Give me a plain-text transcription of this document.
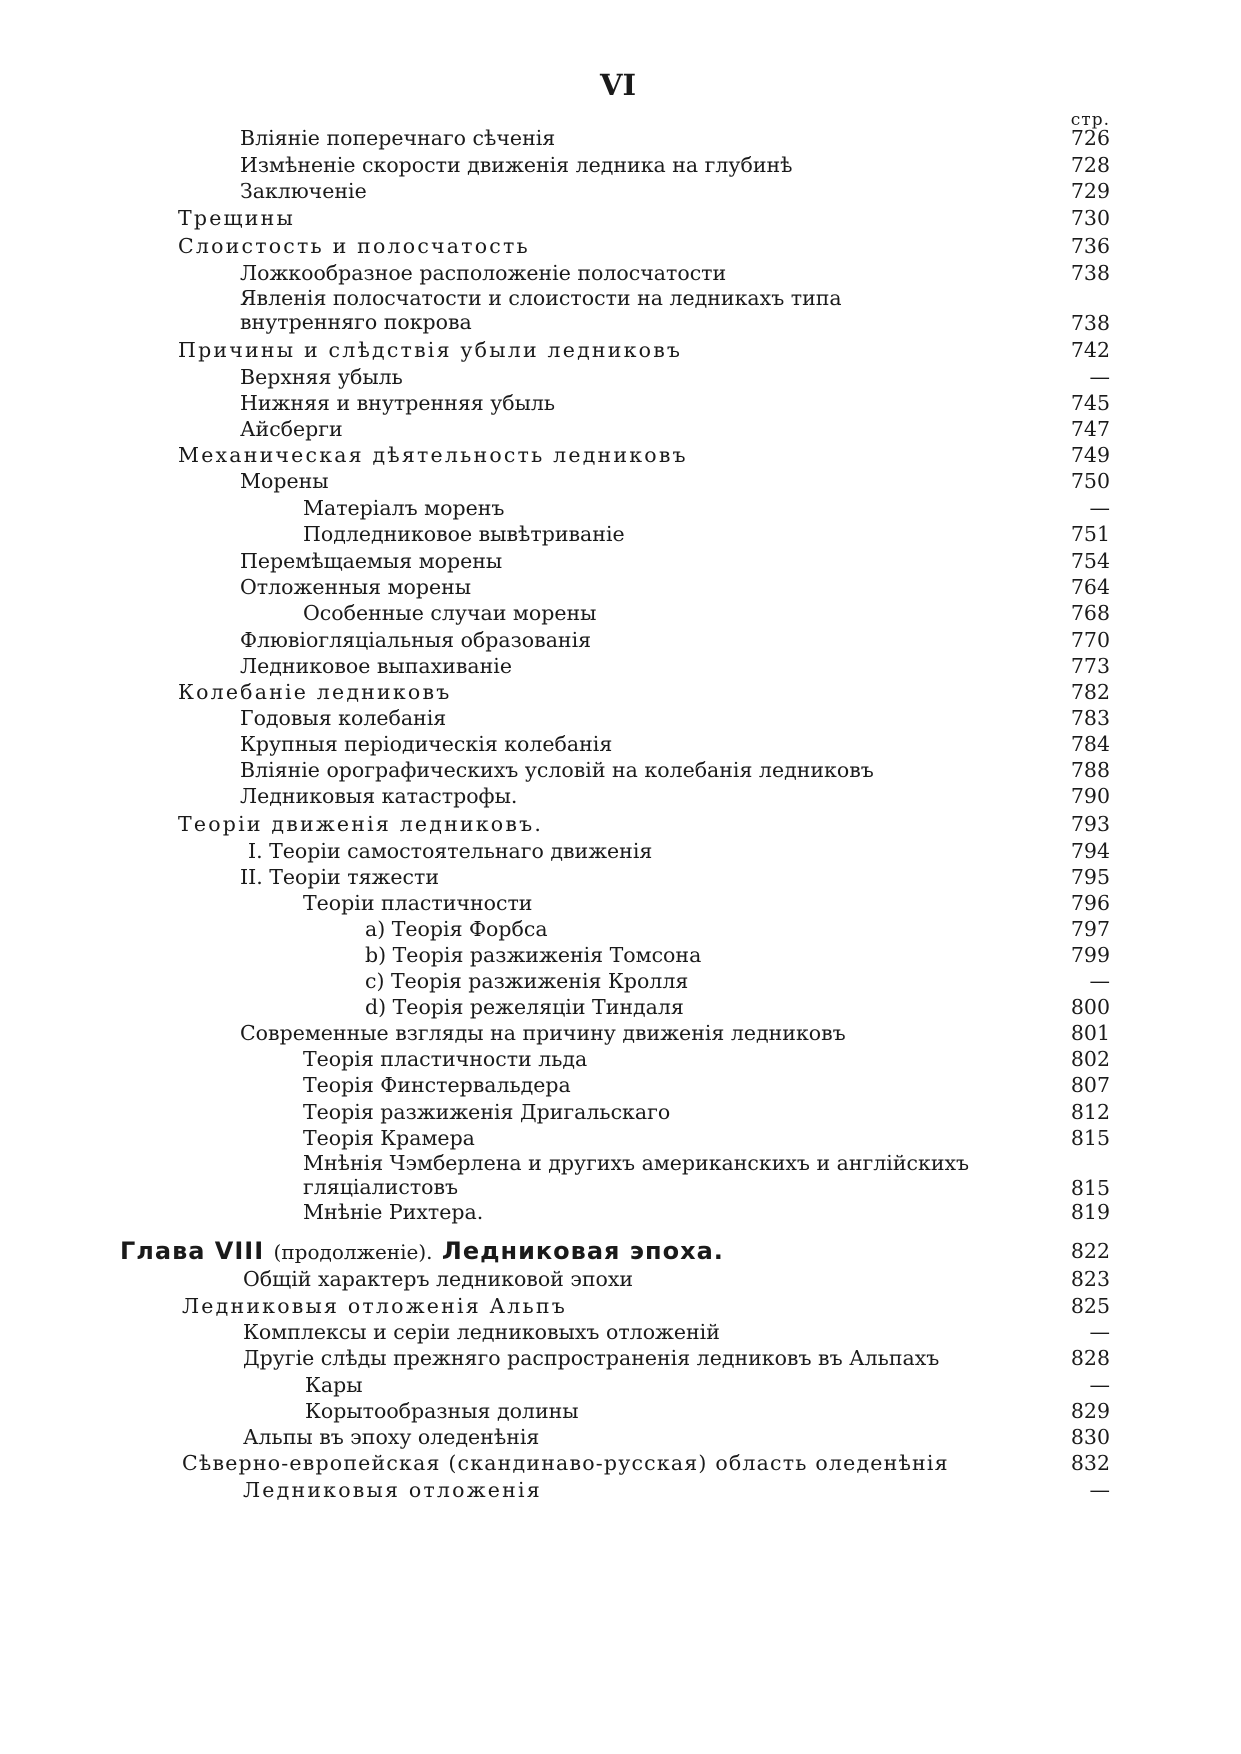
VI
стр.
Вліяніе поперечнаго сѣченія	726
Измѣненіе скорости движенія ледника на глубинѣ	728
Заключеніе	729
Трещины	730
Слоистость и полосчатость	736
Ложкообразное расположеніе полосчатости	738
Явленія полосчатости и слоистости на ледникахъ типа внутренняго покрова	738
Причины и слѣдствія убыли ледниковъ	742
Верхняя убыль	—
Нижняя и внутренняя убыль	745
Айсберги	747
Механическая дѣятельность ледниковъ	749
Морены	750
Матеріалъ моренъ	—
Подледниковое вывѣтриваніе	751
Перемѣщаемыя морены	754
Отложенныя морены	764
Особенные случаи морены	768
Флювіогляціальныя образованія	770
Ледниковое выпахиваніе	773
Колебаніе ледниковъ	782
Годовыя колебанія	783
Крупныя періодическія колебанія	784
Вліяніе орографическихъ условій на колебанія ледниковъ	788
Ледниковыя катастрофы.	790
Теоріи движенія ледниковъ.	793
I. Теоріи самостоятельнаго движенія	794
II. Теоріи тяжести	795
Теоріи пластичности	796
a) Теорія Форбса	797
b) Теорія разжиженія Томсона	799
c) Теорія разжиженія Кролля	—
d) Теорія режеляціи Тиндаля	800
Современные взгляды на причину движенія ледниковъ	801
Теорія пластичности льда	802
Теорія Финстервальдера	807
Теорія разжиженія Дригальскаго	812
Теорія Крамера	815
Мнѣнія Чэмберлена и другихъ американскихъ и англійскихъ гляціалистовъ	815
Мнѣніе Рихтера.	819
Глава VIII (продолженіе). Ледниковая эпоха.	822
Общій характеръ ледниковой эпохи	823
Ледниковыя отложенія Альпъ	825
Комплексы и серіи ледниковыхъ отложеній	—
Другіе слѣды прежняго распространенія ледниковъ въ Альпахъ	828
Кары	—
Корытообразныя долины	829
Альпы въ эпоху оледенѣнія	830
Сѣверно-европейская (скандинаво-русская) область оледенѣнія	832
Ледниковыя отложенія	—
